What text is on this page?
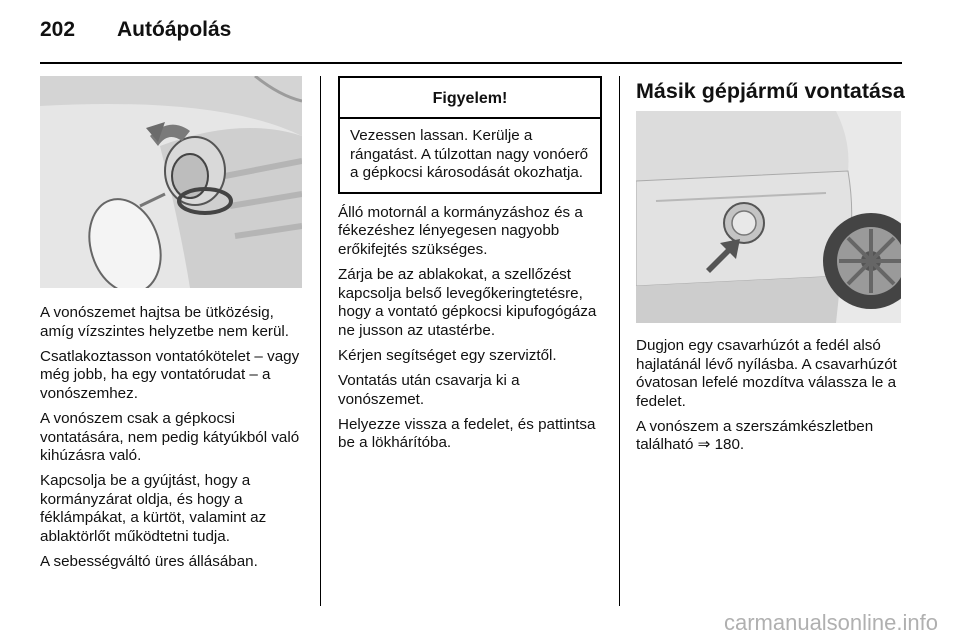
202 Autóápolás

A vonószemet hajtsa be ütközésig, amíg vízszintes helyzetbe nem kerül.

Csatlakoztasson vontatókötelet – vagy még jobb, ha egy vontatórudat – a vonószemhez.

A vonószem csak a gépkocsi vontatására, nem pedig kátyúkból való kihúzásra való.

Kapcsolja be a gyújtást, hogy a kormányzárat oldja, és hogy a féklámpákat, a kürtöt, valamint az ablaktörlőt működtetni tudja.

A sebességváltó üres állásában.

Figyelem!
Vezessen lassan. Kerülje a rángatást. A túlzottan nagy vonóerő a gépkocsi károsodását okozhatja.

Álló motornál a kormányzáshoz és a fékezéshez lényegesen nagyobb erőkifejtés szükséges.

Zárja be az ablakokat, a szellőzést kapcsolja belső levegőkeringtetésre, hogy a vontató gépkocsi kipufogógáza ne jusson az utastérbe.

Kérjen segítséget egy szerviztől.

Vontatás után csavarja ki a vonószemet.

Helyezze vissza a fedelet, és pattintsa be a lökhárítóba.

Másik gépjármű vontatása

Dugjon egy csavarhúzót a fedél alsó hajlatánál lévő nyílásba. A csavarhúzót óvatosan lefelé mozdítva válassza le a fedelet.

A vonószem a szerszámkészletben található ⇒ 180.

carmanualsonline.info
